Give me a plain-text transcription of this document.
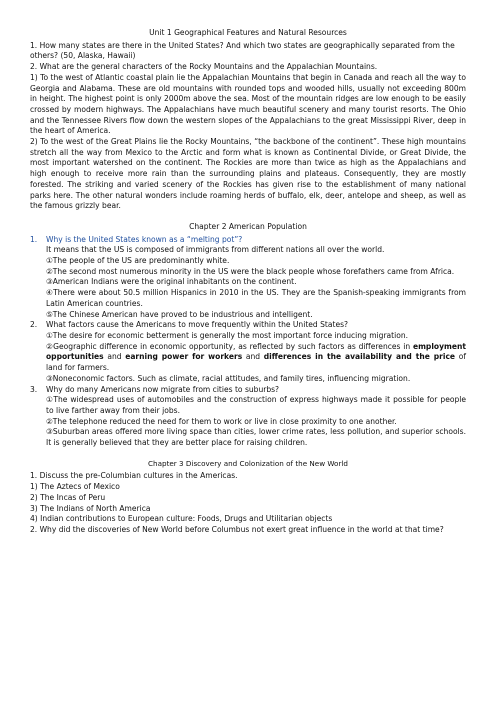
Unit 1 Geographical Features and Natural Resources

1. How many states are there in the United States? And which two states are geographically separated from the others? (50, Alaska, Hawaii)

2. What are the general characters of the Rocky Mountains and the Appalachian Mountains.

1) To the west of Atlantic coastal plain lie the Appalachian Mountains that begin in Canada and reach all the way to Georgia and Alabama. These are old mountains with rounded tops and wooded hills, usually not exceeding 800m in height. The highest point is only 2000m above the sea. Most of the mountain ridges are low enough to be easily crossed by modern highways. The Appalachians have much beautiful scenery and many tourist resorts. The Ohio and the Tennessee Rivers flow down the western slopes of the Appalachians to the great Mississippi River, deep in the heart of America.

2) To the west of the Great Plains lie the Rocky Mountains, “the backbone of the continent”. These high mountains stretch all the way from Mexico to the Arctic and form what is known as Continental Divide, or Great Divide, the most important watershed on the continent. The Rockies are more than twice as high as the Appalachians and high enough to receive more rain than the surrounding plains and plateaus. Consequently, they are mostly forested. The striking and varied scenery of the Rockies has given rise to the establishment of many national parks here. The other natural wonders include roaming herds of buffalo, elk, deer, antelope and sheep, as well as the famous grizzly bear.

Chapter 2 American Population
1. Why is the United States known as a “melting pot”?

It means that the US is composed of immigrants from different nations all over the world.

①The people of the US are predominantly white.

②The second most numerous minority in the US were the black people whose forefathers came from Africa.

③American Indians were the original inhabitants on the continent.

④There were about 50.5 million Hispanics in 2010 in the US. They are the Spanish-speaking immigrants from Latin American countries.

⑤The Chinese American have proved to be industrious and intelligent.

2. What factors cause the Americans to move frequently within the United States?

①The desire for economic betterment is generally the most important force inducing migration.

②Geographic difference in economic opportunity, as reflected by such factors as differences in employment opportunities and earning power for workers and differences in the availability and the price of land for farmers.

③Noneconomic factors. Such as climate, racial attitudes, and family tires, influencing migration.

3. Why do many Americans now migrate from cities to suburbs?

①The widespread uses of automobiles and the construction of express highways made it possible for people to live farther away from their jobs.

②The telephone reduced the need for them to work or live in close proximity to one another.

③Suburban areas offered more living space than cities, lower crime rates, less pollution, and superior schools. It is generally believed that they are better place for raising children.

Chapter 3 Discovery and Colonization of the New World

1. Discuss the pre-Columbian cultures in the Americas.

1) The Aztecs of Mexico

2) The Incas of Peru

3) The Indians of North America

4) Indian contributions to European culture: Foods, Drugs and Utilitarian objects

2. Why did the discoveries of New World before Columbus not exert great influence in the world at that time?
